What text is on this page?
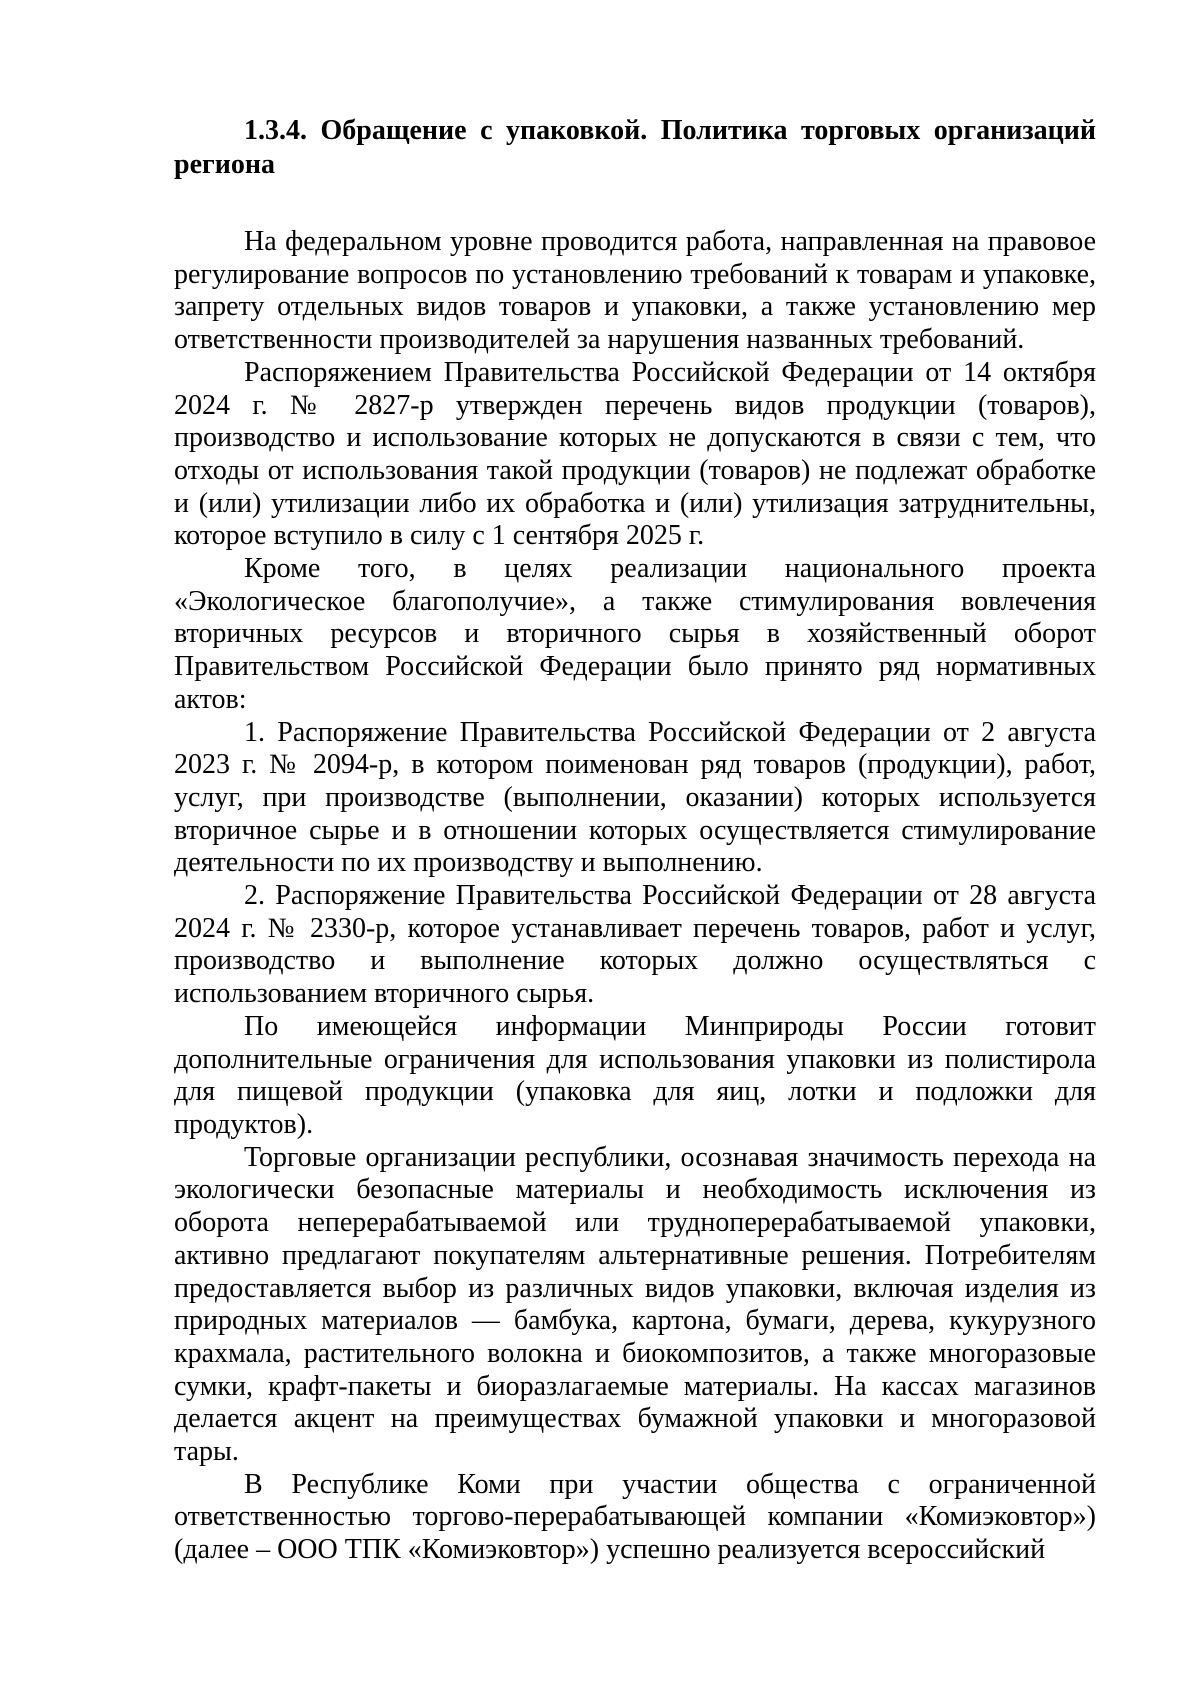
1.3.4. Обращение с упаковкой. Политика торговых организаций региона

На федеральном уровне проводится работа, направленная на правовое регулирование вопросов по установлению требований к товарам и упаковке, запрету отдельных видов товаров и упаковки, а также установлению мер ответственности производителей за нарушения названных требований.

Распоряжением Правительства Российской Федерации от 14 октября 2024 г. № 2827-р утвержден перечень видов продукции (товаров), производство и использование которых не допускаются в связи с тем, что отходы от использования такой продукции (товаров) не подлежат обработке и (или) утилизации либо их обработка и (или) утилизация затруднительны, которое вступило в силу с 1 сентября 2025 г.

Кроме того, в целях реализации национального проекта «Экологическое благополучие», а также стимулирования вовлечения вторичных ресурсов и вторичного сырья в хозяйственный оборот Правительством Российской Федерации было принято ряд нормативных актов:

1. Распоряжение Правительства Российской Федерации от 2 августа 2023 г. № 2094-р, в котором поименован ряд товаров (продукции), работ, услуг, при производстве (выполнении, оказании) которых используется вторичное сырье и в отношении которых осуществляется стимулирование деятельности по их производству и выполнению.

2. Распоряжение Правительства Российской Федерации от 28 августа 2024 г. № 2330-р, которое устанавливает перечень товаров, работ и услуг, производство и выполнение которых должно осуществляться с использованием вторичного сырья.

По имеющейся информации Минприроды России готовит дополнительные ограничения для использования упаковки из полистирола для пищевой продукции (упаковка для яиц, лотки и подложки для продуктов).

Торговые организации республики, осознавая значимость перехода на экологически безопасные материалы и необходимость исключения из оборота неперерабатываемой или трудноперерабатываемой упаковки, активно предлагают покупателям альтернативные решения. Потребителям предоставляется выбор из различных видов упаковки, включая изделия из природных материалов — бамбука, картона, бумаги, дерева, кукурузного крахмала, растительного волокна и биокомпозитов, а также многоразовые сумки, крафт-пакеты и биоразлагаемые материалы. На кассах магазинов делается акцент на преимуществах бумажной упаковки и многоразовой тары.

В Республике Коми при участии общества с ограниченной ответственностью торгово-перерабатывающей компании «Комиэковтор») (далее – ООО ТПК «Комиэковтор») успешно реализуется всероссийский
